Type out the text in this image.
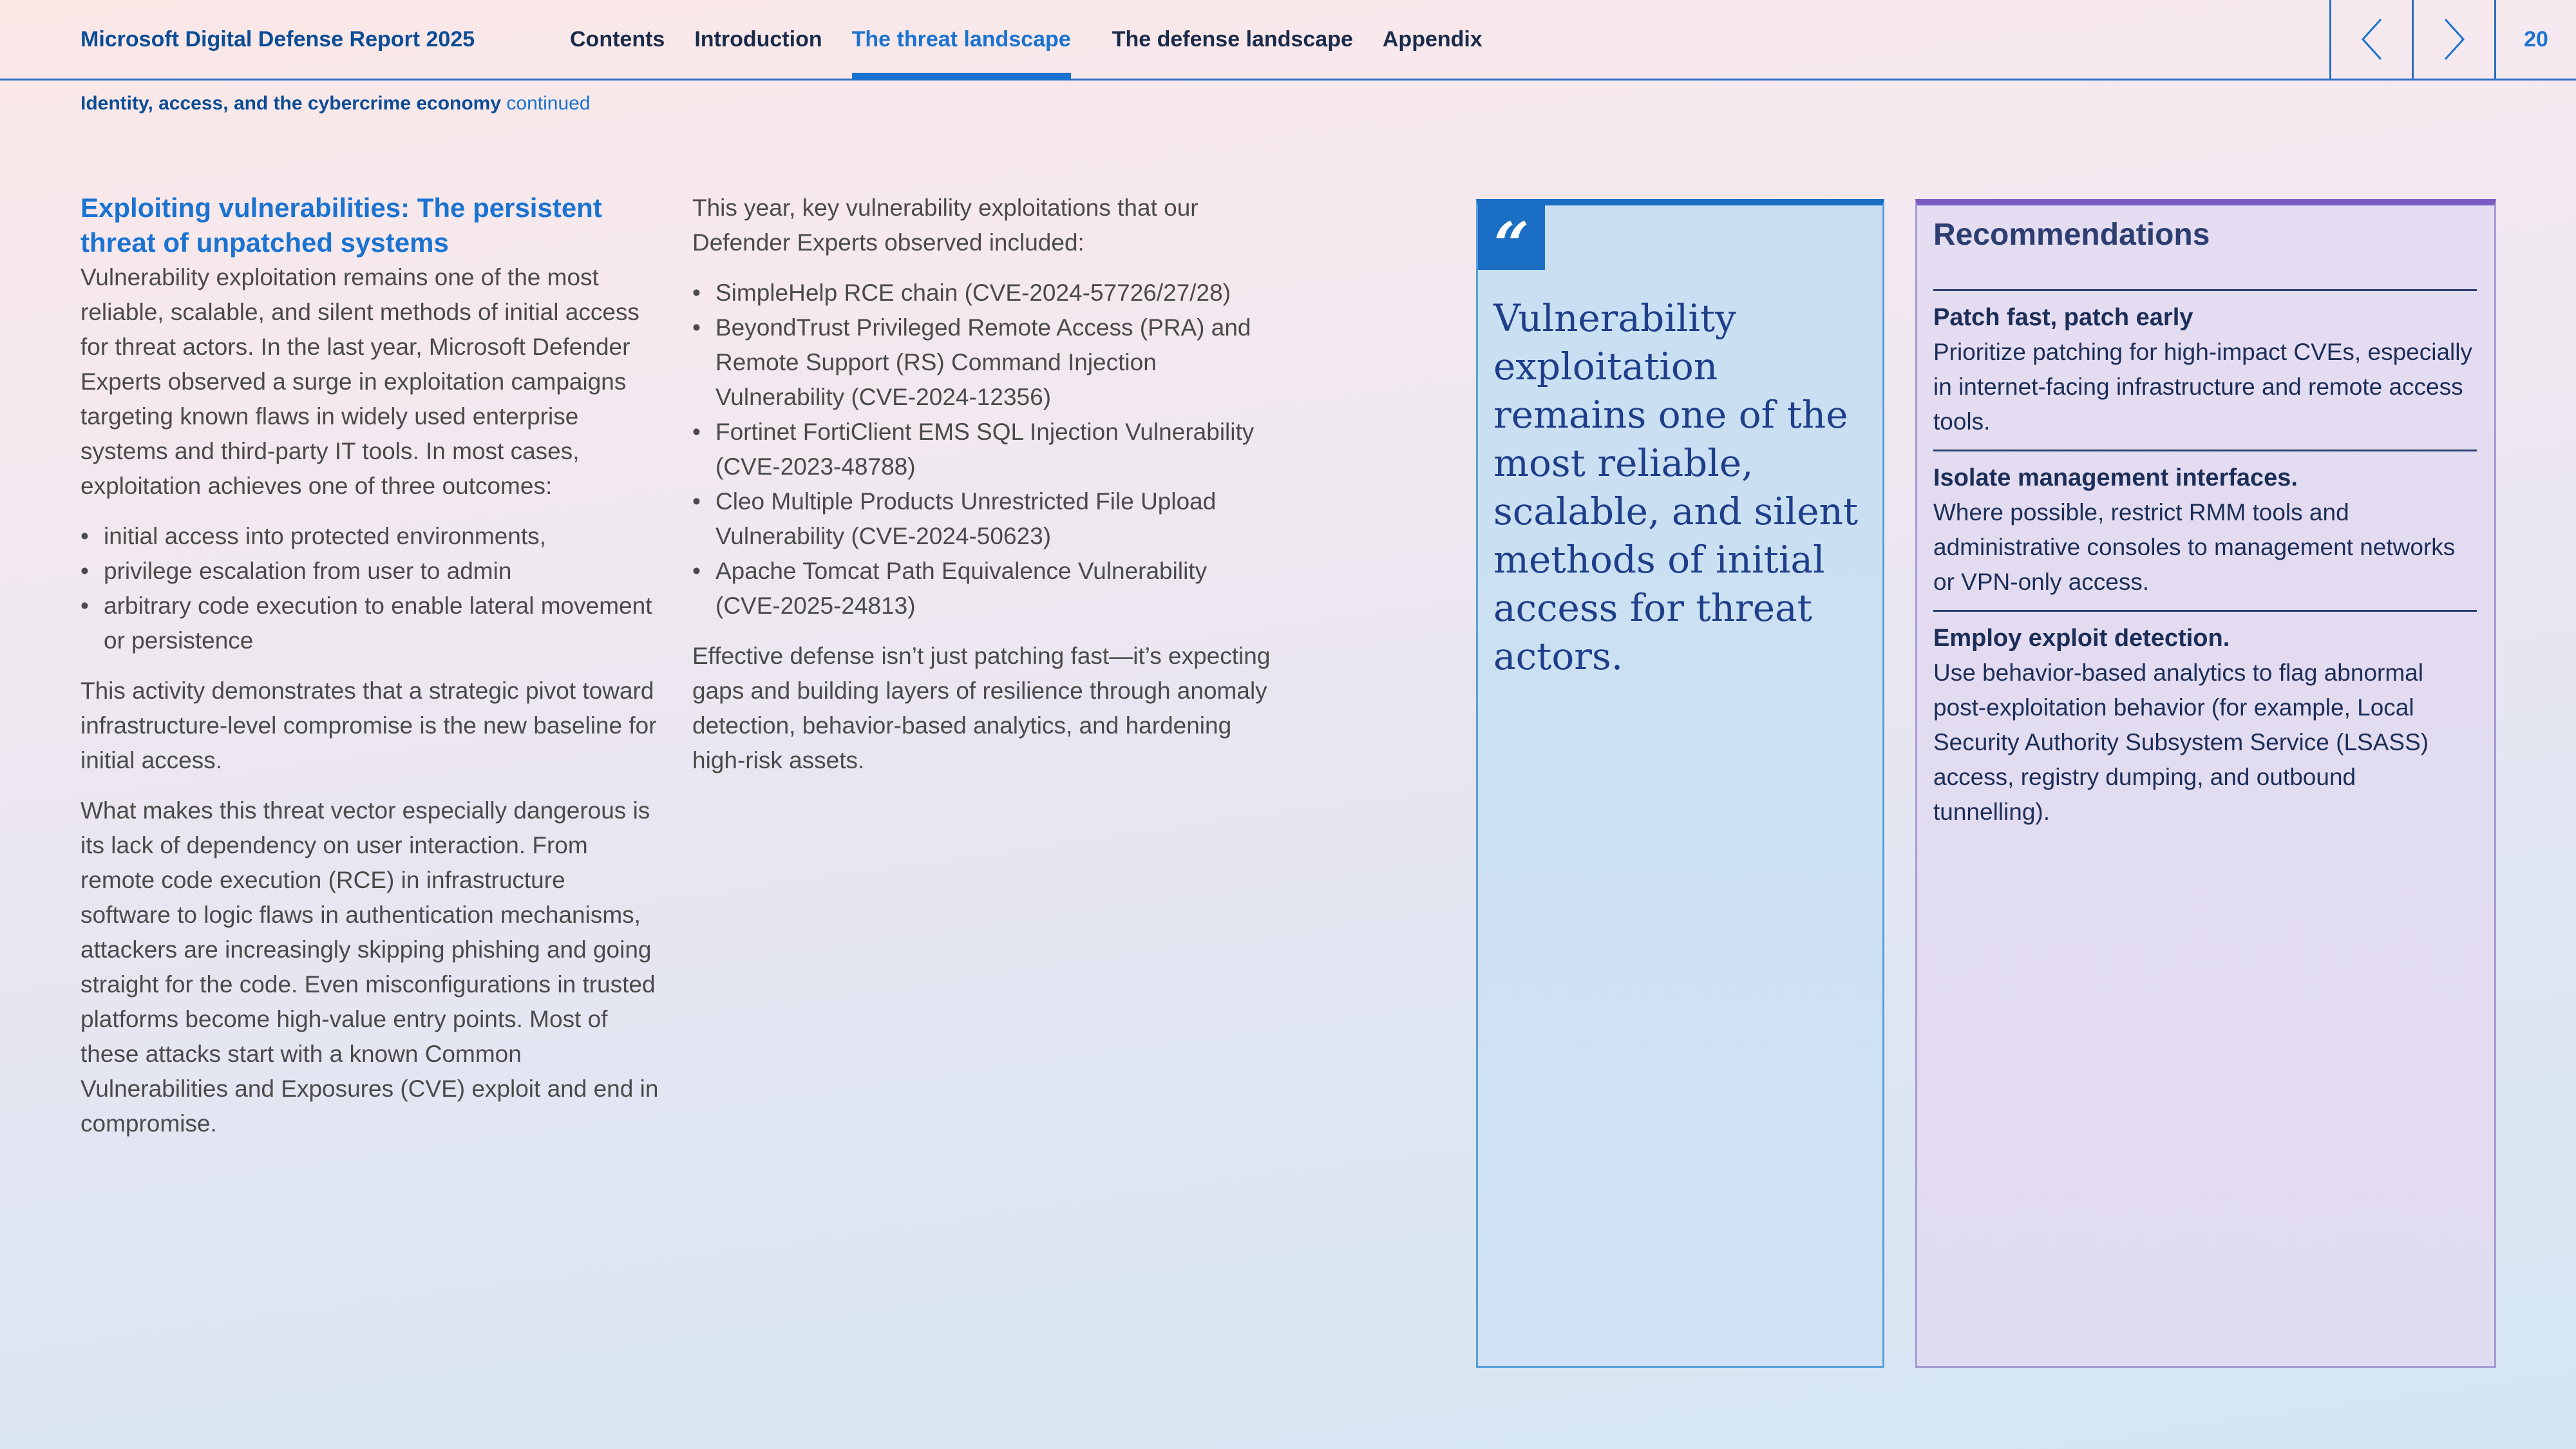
Microsoft Digital Defense Report 2025	Contents Introduction The threat landscape The defense landscape Appendix	20
Identity, access, and the cybercrime economy continued
Exploiting vulnerabilities: The persistent threat of unpatched systems

Vulnerability exploitation remains one of the most reliable, scalable, and silent methods of initial access for threat actors. In the last year, Microsoft Defender Experts observed a surge in exploitation campaigns targeting known flaws in widely used enterprise systems and third-party IT tools. In most cases, exploitation achieves one of three outcomes:

• initial access into protected environments,
• privilege escalation from user to admin
• arbitrary code execution to enable lateral movement or persistence

This activity demonstrates that a strategic pivot toward infrastructure-level compromise is the new baseline for initial access.

What makes this threat vector especially dangerous is its lack of dependency on user interaction. From remote code execution (RCE) in infrastructure software to logic flaws in authentication mechanisms, attackers are increasingly skipping phishing and going straight for the code. Even misconfigurations in trusted platforms become high-value entry points. Most of these attacks start with a known Common Vulnerabilities and Exposures (CVE) exploit and end in compromise.

This year, key vulnerability exploitations that our Defender Experts observed included:

• SimpleHelp RCE chain (CVE-2024-57726/27/28)
• BeyondTrust Privileged Remote Access (PRA) and Remote Support (RS) Command Injection Vulnerability (CVE-2024-12356)
• Fortinet FortiClient EMS SQL Injection Vulnerability (CVE-2023-48788)
• Cleo Multiple Products Unrestricted File Upload Vulnerability (CVE-2024-50623)
• Apache Tomcat Path Equivalence Vulnerability (CVE-2025-24813)

Effective defense isn’t just patching fast—it’s expecting gaps and building layers of resilience through anomaly detection, behavior-based analytics, and hardening high-risk assets.

“
Vulnerability exploitation remains one of the most reliable, scalable, and silent methods of initial access for threat actors.
Recommendations
Patch fast, patch early
Prioritize patching for high-impact CVEs, especially in internet-facing infrastructure and remote access tools.
Isolate management interfaces.
Where possible, restrict RMM tools and administrative consoles to management networks or VPN-only access.
Employ exploit detection.
Use behavior-based analytics to flag abnormal post-exploitation behavior (for example, Local Security Authority Subsystem Service (LSASS) access, registry dumping, and outbound tunnelling).
